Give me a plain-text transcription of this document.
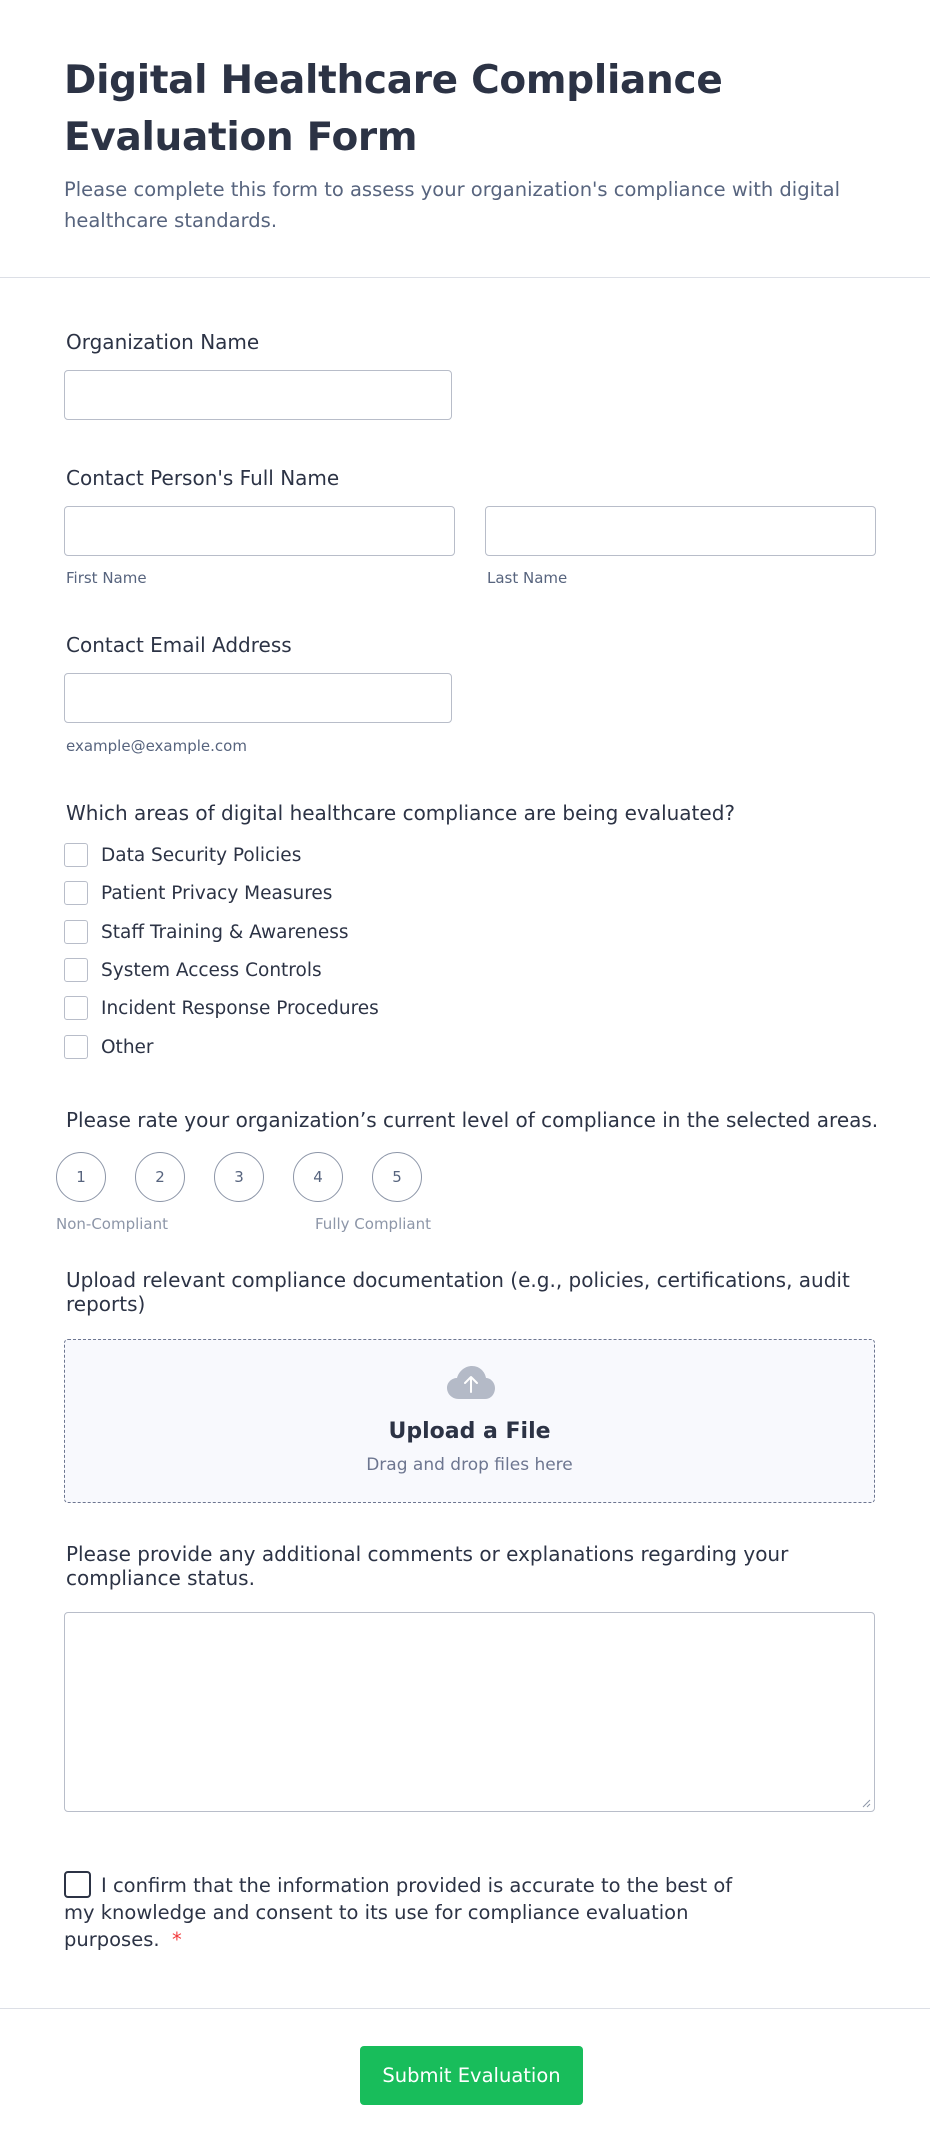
Digital Healthcare Compliance Evaluation Form

Please complete this form to assess your organization's compliance with digital healthcare standards.

Organization Name
Contact Person's Full Name
First Name	Last Name
Contact Email Address
example@example.com
Which areas of digital healthcare compliance are being evaluated?
Data Security Policies
Patient Privacy Measures
Staff Training & Awareness
System Access Controls
Incident Response Procedures
Other
Please rate your organization’s current level of compliance in the selected areas.
1	2	3	4	5
Non-Compliant	Fully Compliant
Upload relevant compliance documentation (e.g., policies, certifications, audit reports)
Upload a File
Drag and drop files here
Please provide any additional comments or explanations regarding your compliance status.

I confirm that the information provided is accurate to the best of my knowledge and consent to its use for compliance evaluation purposes. *

Submit Evaluation
